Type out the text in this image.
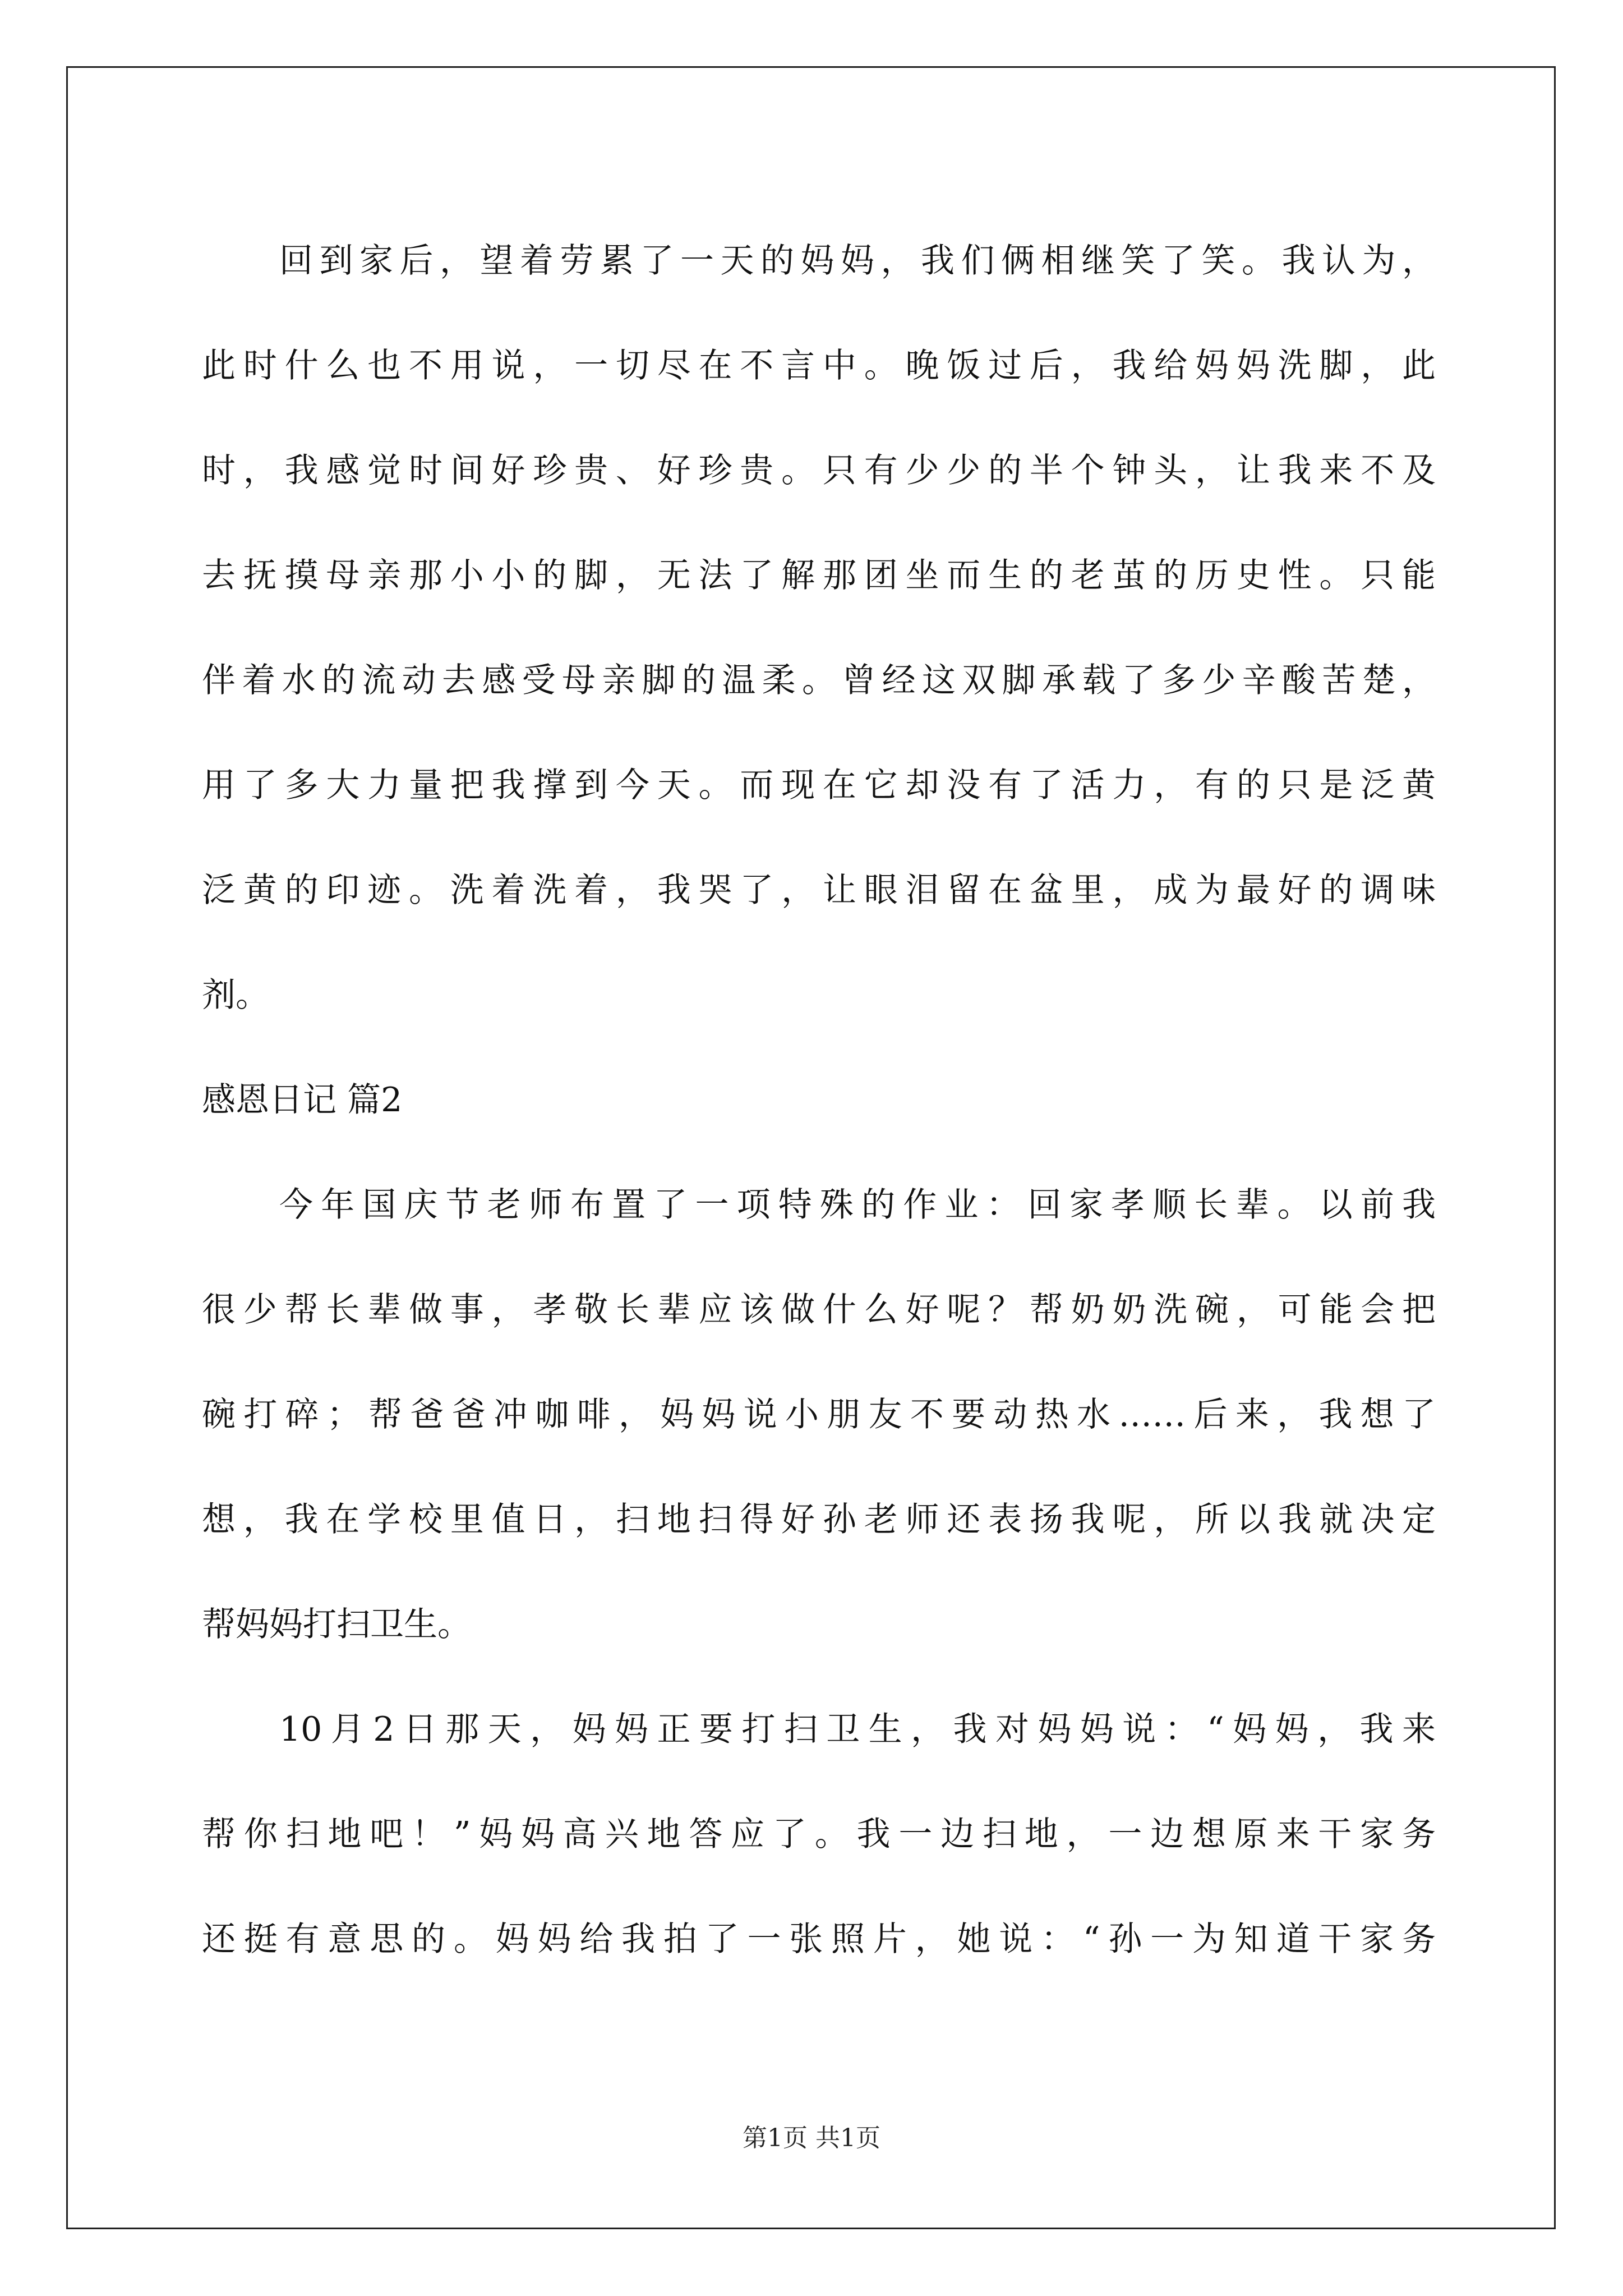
回到家后，望着劳累了一天的妈妈，我们俩相继笑了笑。我认为，
此时什么也不用说，一切尽在不言中。晚饭过后，我给妈妈洗脚，此
时，我感觉时间好珍贵、好珍贵。只有少少的半个钟头，让我来不及
去抚摸母亲那小小的脚，无法了解那团坐而生的老茧的历史性。只能
伴着水的流动去感受母亲脚的温柔。曾经这双脚承载了多少辛酸苦楚，
用了多大力量把我撑到今天。而现在它却没有了活力，有的只是泛黄
泛黄的印迹。洗着洗着，我哭了，让眼泪留在盆里，成为最好的调味
剂。
感恩日记 篇2
今年国庆节老师布置了一项特殊的作业：回家孝顺长辈。以前我
很少帮长辈做事，孝敬长辈应该做什么好呢？帮奶奶洗碗，可能会把
碗打碎；帮爸爸冲咖啡，妈妈说小朋友不要动热水……后来，我想了
想，我在学校里值日，扫地扫得好孙老师还表扬我呢，所以我就决定
帮妈妈打扫卫生。
10月2日那天，妈妈正要打扫卫生，我对妈妈说：“妈妈，我来
帮你扫地吧！”妈妈高兴地答应了。我一边扫地，一边想原来干家务
还挺有意思的。妈妈给我拍了一张照片，她说：“孙一为知道干家务
第1页 共1页
